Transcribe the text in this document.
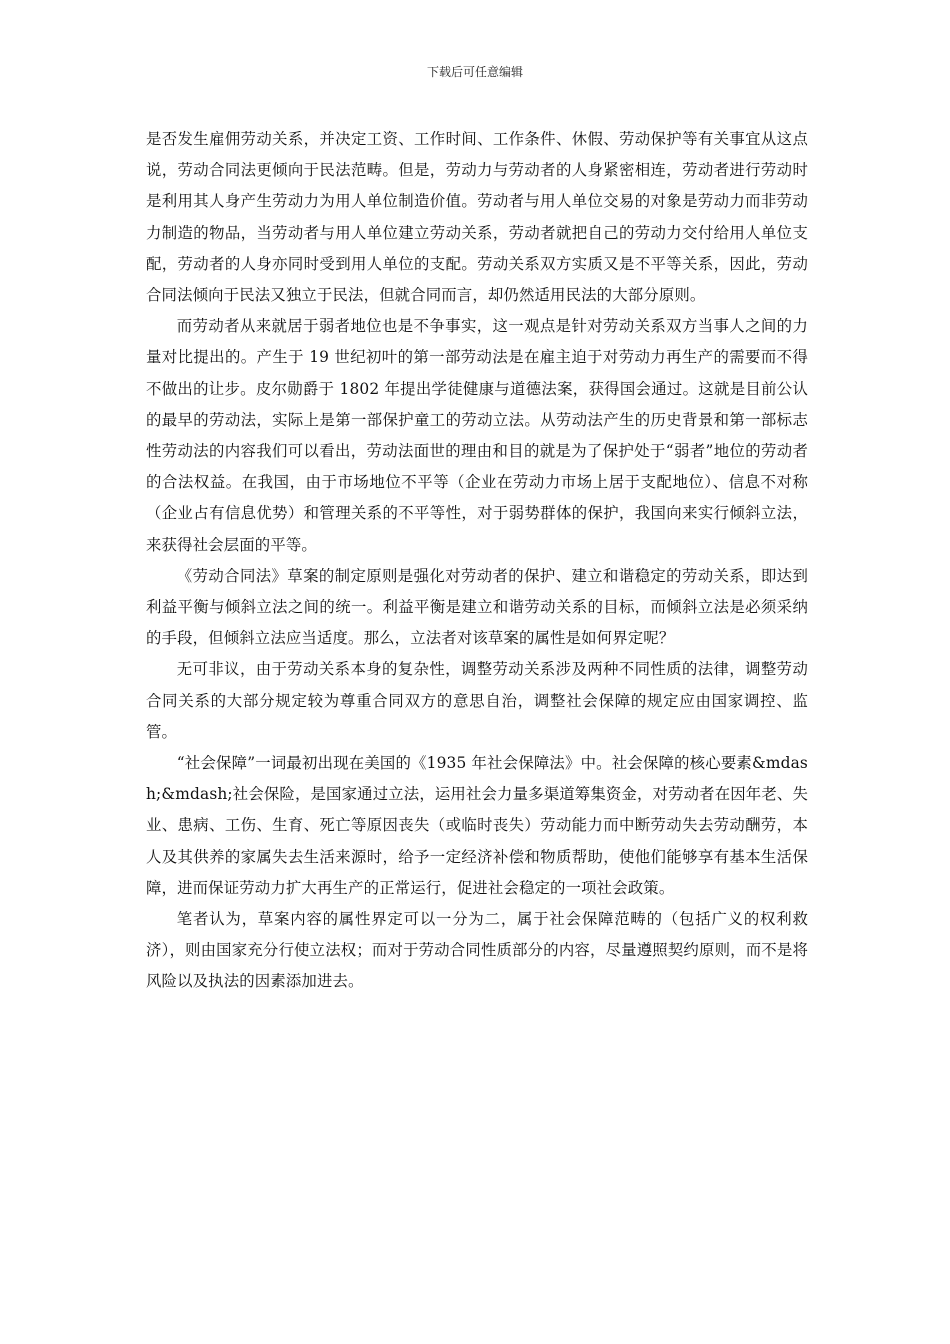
下载后可任意编辑

是否发生雇佣劳动关系，并决定工资、工作时间、工作条件、休假、劳动保护等有关事宜从这点说，劳动合同法更倾向于民法范畴。但是，劳动力与劳动者的人身紧密相连，劳动者进行劳动时是利用其人身产生劳动力为用人单位制造价值。劳动者与用人单位交易的对象是劳动力而非劳动力制造的物品，当劳动者与用人单位建立劳动关系，劳动者就把自己的劳动力交付给用人单位支配，劳动者的人身亦同时受到用人单位的支配。劳动关系双方实质又是不平等关系，因此，劳动合同法倾向于民法又独立于民法，但就合同而言，却仍然适用民法的大部分原则。

而劳动者从来就居于弱者地位也是不争事实，这一观点是针对劳动关系双方当事人之间的力量对比提出的。产生于 19 世纪初叶的第一部劳动法是在雇主迫于对劳动力再生产的需要而不得不做出的让步。皮尔勋爵于 1802 年提出学徒健康与道德法案，获得国会通过。这就是目前公认的最早的劳动法，实际上是第一部保护童工的劳动立法。从劳动法产生的历史背景和第一部标志性劳动法的内容我们可以看出，劳动法面世的理由和目的就是为了保护处于“弱者”地位的劳动者的合法权益。在我国，由于市场地位不平等（企业在劳动力市场上居于支配地位）、信息不对称（企业占有信息优势）和管理关系的不平等性，对于弱势群体的保护，我国向来实行倾斜立法，来获得社会层面的平等。

《劳动合同法》草案的制定原则是强化对劳动者的保护、建立和谐稳定的劳动关系，即达到利益平衡与倾斜立法之间的统一。利益平衡是建立和谐劳动关系的目标，而倾斜立法是必须采纳的手段，但倾斜立法应当适度。那么，立法者对该草案的属性是如何界定呢？

无可非议，由于劳动关系本身的复杂性，调整劳动关系涉及两种不同性质的法律，调整劳动合同关系的大部分规定较为尊重合同双方的意思自治，调整社会保障的规定应由国家调控、监管。

“社会保障”一词最初出现在美国的《1935 年社会保障法》中。社会保障的核心要素&mdash;&mdash;社会保险，是国家通过立法，运用社会力量多渠道筹集资金，对劳动者在因年老、失业、患病、工伤、生育、死亡等原因丧失（或临时丧失）劳动能力而中断劳动失去劳动酬劳，本人及其供养的家属失去生活来源时，给予一定经济补偿和物质帮助，使他们能够享有基本生活保障，进而保证劳动力扩大再生产的正常运行，促进社会稳定的一项社会政策。

笔者认为，草案内容的属性界定可以一分为二，属于社会保障范畴的（包括广义的权利救济），则由国家充分行使立法权；而对于劳动合同性质部分的内容，尽量遵照契约原则，而不是将风险以及执法的因素添加进去。
